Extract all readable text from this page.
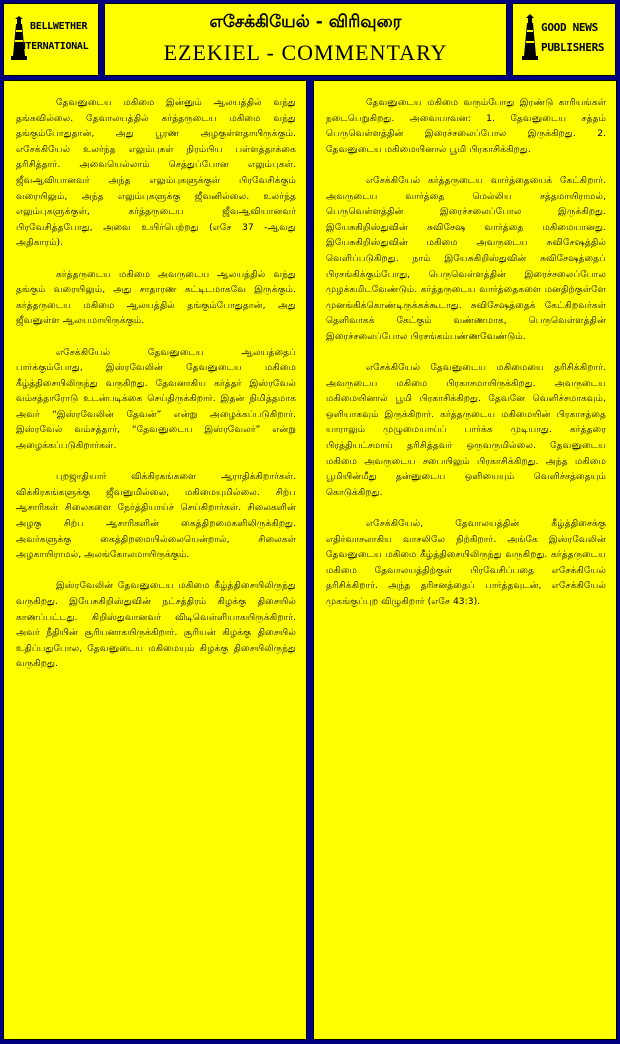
BELLWETHER
INTERNATIONAL
எசேக்கியேல் - விரிவுரை
EZEKIEL - COMMENTARY
GOOD NEWS
PUBLISHERS

தேவனுடைய மகிமை இன்னும் ஆலயத்தில் வந்து தங்கவில்லை. தேவாலயத்தில் கர்த்தருடைய மகிமை வந்து தங்கும்போதுதான், அது பூரண அழகுள்ளதாயிருக்கும். எசேக்கியேல் உலர்ந்த எலும்புகள் நிரம்பிய பள்ளத்தாக்கை தரிசித்தார். அவையெல்லாம் செத்துப்போன எலும்புகள். ஜீவஆவியானவர் அந்த எலும்புகளுக்குள் பிரவேசிக்கும் வரையிலும், அந்த எலும்புகளுக்கு ஜீவனில்லை. உலர்ந்த எலும்புகளுக்குள், கர்த்தருடைய ஜீவஆவியானவர் பிரவேசித்தபோது, அவை உயிர்பெற்றது (எசே 37 -ஆவது அதிகாரம்).

கர்த்தருடைய மகிமை அவருடைய ஆலயத்தில் வந்து தங்கும் வரையிலும், அது சாதாரண கட்டிடமாகவே இருக்கும். கர்த்தருடைய மகிமை ஆலயத்தில் தங்கும்போதுதான், அது ஜீவனுள்ள ஆலயமாயிருக்கும்.

எசேக்கியேல் தேவனுடைய ஆலயத்தைப் பார்க்கும்போது, இஸ்ரவேலின் தேவனுடைய மகிமை கீழ்த்திசையிலிருந்து வருகிறது. தேவனாகிய கர்த்தர் இஸ்ரவேல் வம்சத்தாரோடு உடன்படிக்கை செய்திருக்கிறார். இதன் நிமித்தமாக அவர் “இஸ்ரவேலின் தேவன்” என்று அழைக்கப்படுகிறார். இஸ்ரவேல் வம்சத்தார், “தேவனுடைய இஸ்ரவேலர்” என்று அழைக்கப்படுகிறார்கள்.

புறஜாதியார் விக்கிரகங்களை ஆராதிக்கிறார்கள். விக்கிரகங்களுக்கு ஜீவனுமில்லை, மகிமையுமில்லை. சிற்ப ஆசாரிகள் சிலைகளை நேர்த்தியாய்ச் செய்கிறார்கள். சிலைகளின் அழகு சிற்ப ஆசாரிகளின் கைத்திறமைகளிலிருக்கிறது. அவர்களுக்கு கைத்திறமையில்லையென்றால், சிலைகள் அழகாயிராமல், அலங்கோலமாயிருக்கும்.

இஸ்ரவேலின் தேவனுடைய மகிமை கீழ்த்திசையிலிருந்து வருகிறது. இயேசுகிறிஸ்துவின் நட்சத்திரம் கிழக்கு திசையில் காணப்பட்டது. கிறிஸ்துவானவர் விடிவெள்ளியாகயிருக்கிறார். அவர் நீதியின் சூரியனாகயிருக்கிறார். சூரியன் கிழக்கு திசையில் உதிப்பதுபோல, தேவனுடைய மகிமையும் கிழக்கு திசையிலிருந்து வருகிறது.

தேவனுடைய மகிமை வரும்போது இரண்டு காரியங்கள் நடைபெறுகிறது. அவையாவன: 1. தேவனுடைய சத்தம் பெருவெள்ளத்தின் இரைச்சலைப்போல இருக்கிறது. 2. தேவனுடைய மகிமையினால் பூமி பிரகாசிக்கிறது.

எசேக்கியேல் கர்த்தருடைய வார்த்தையைக் கேட்கிறார். அவருடைய வார்த்தை மெல்லிய சத்தமாயிராமல், பெருவெள்ளத்தின் இரைச்சலைப்போல இருக்கிறது. இயேசுகிறிஸ்துவின் சுவிசேஷ வார்த்தை மகிமையானது. இயேசுகிறிஸ்துவின் மகிமை அவருடைய சுவிசேஷத்தில் வெளிப்படுகிறது. நாம் இயேசுகிறிஸ்துவின் சுவிசேஷத்தைப் பிரசங்கிக்கும்போது, பெருவெள்ளத்தின் இரைச்சலைப்போல முழக்கமிடவேண்டும். கர்த்தருடைய வார்த்தைகளை மனதிற்குள்ளே முனங்கிக்கொண்டிருக்கக்கூடாது. சுவிசேஷத்தைக் கேட்கிறவர்கள் தெளிவாகக் கேட்கும் வண்ணமாக, பெருவெள்ளத்தின் இரைச்சலைப்போல பிரசங்கம்பண்ணவேண்டும்.

எசேக்கியேல் தேவனுடைய மகிமையை தரிசிக்கிறார். அவருடைய மகிமை பிரகாசமாயிருக்கிறது. அவருடைய மகிமையினால் பூமி பிரகாசிக்கிறது. தேவனே வெளிச்சமாகவும், ஒளியாகவும் இருக்கிறார். கர்த்தருடைய மகிமையின் பிரகாசத்தை யாராலும் முழுமையாய்ப் பார்க்க முடியாது. கர்த்தரை பிரத்தியட்சமாய் தரிசித்தவர் ஒருவருமில்லை. தேவனுடைய மகிமை அவருடைய சபையிலும் பிரகாசிக்கிறது. அந்த மகிமை பூமியின்மீது தன்னுடைய ஒளியையும் வெளிச்சத்தையும் கொடுக்கிறது.

எசேக்கியேல், தேவாலயத்தின் கீழ்த்திசைக்கு எதிர்வாசலாகிய வாசலிலே நிற்கிறார். அங்கே இஸ்ரவேலின் தேவனுடைய மகிமை கீழ்த்திசையிலிருந்து வருகிறது. கர்த்தருடைய மகிமை தேவாலயத்திற்குள் பிரவேசிப்பதை எசேக்கியேல் தரிசிக்கிறார். அந்த தரிசனத்தைப் பார்த்தவுடன், எசேக்கியேல் முகங்குப்புற விழுகிறார் (எசே 43:3).
